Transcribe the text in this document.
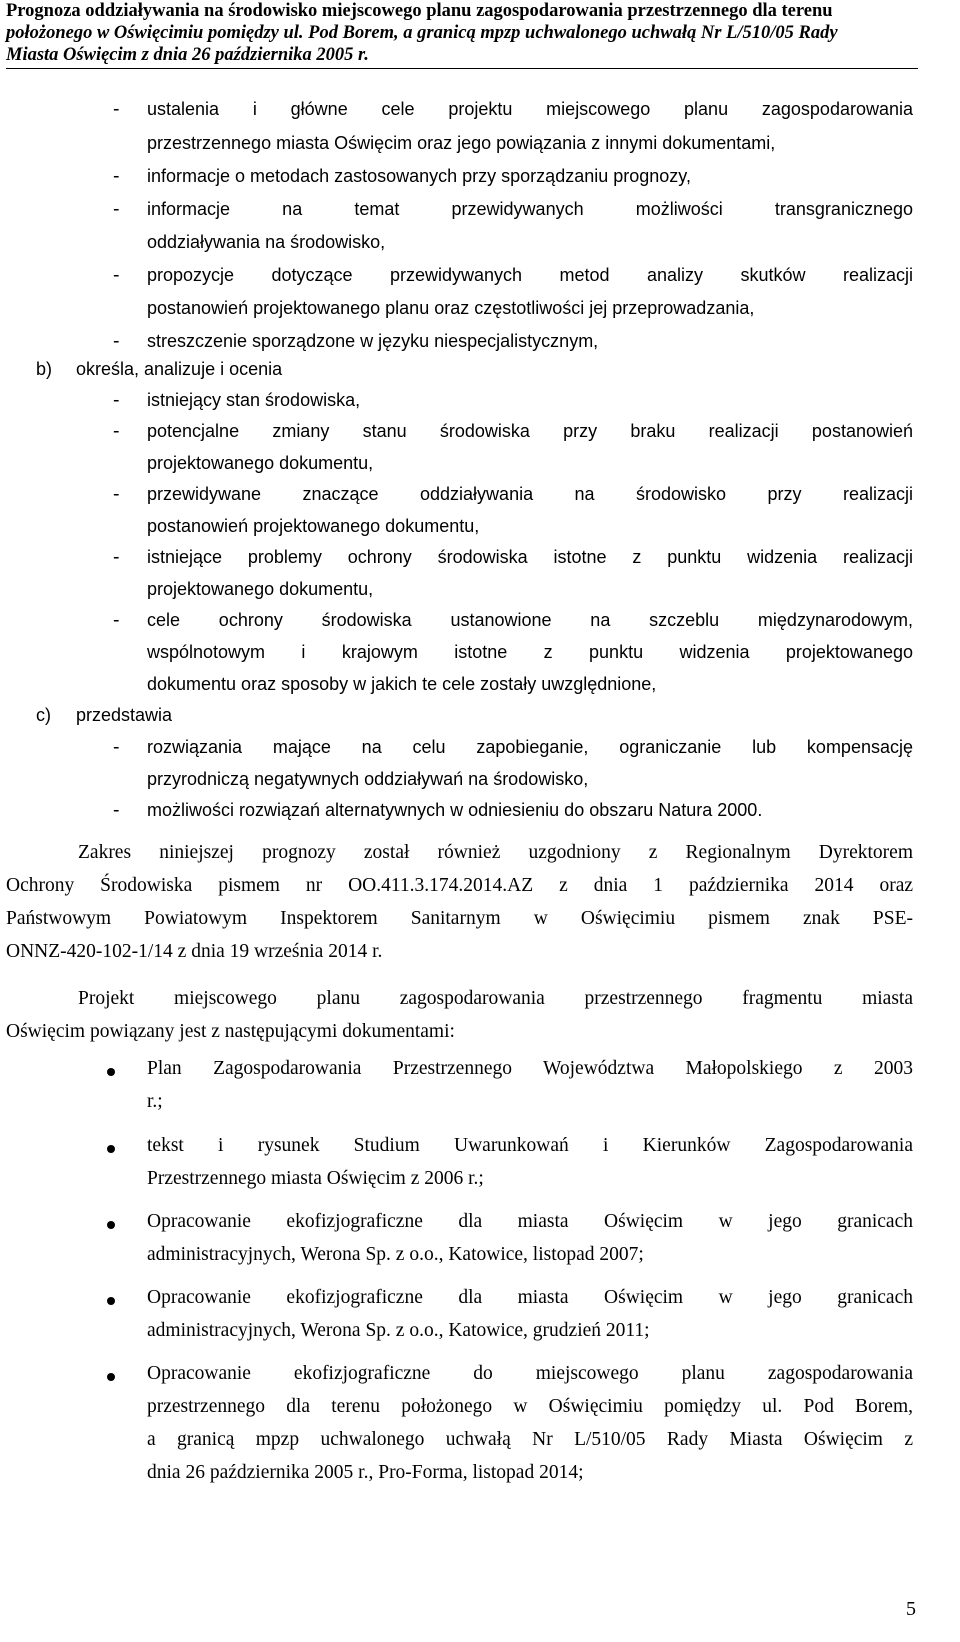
Prognoza oddziaływania na środowisko miejscowego planu zagospodarowania przestrzennego dla terenu
położonego w Oświęcimiu pomiędzy ul. Pod Borem, a granicą mpzp uchwalonego uchwałą Nr L/510/05 Rady
Miasta Oświęcim z dnia 26 października 2005 r.
- ustalenia i główne cele projektu miejscowego planu zagospodarowania
przestrzennego miasta Oświęcim oraz jego powiązania z innymi dokumentami,
- informacje o metodach zastosowanych przy sporządzaniu prognozy,
- informacje na temat przewidywanych możliwości transgranicznego
oddziaływania na środowisko,
- propozycje dotyczące przewidywanych metod analizy skutków realizacji
postanowień projektowanego planu oraz częstotliwości jej przeprowadzania,
- streszczenie sporządzone w języku niespecjalistycznym,
b) określa, analizuje i ocenia
- istniejący stan środowiska,
- potencjalne zmiany stanu środowiska przy braku realizacji postanowień
projektowanego dokumentu,
- przewidywane znaczące oddziaływania na środowisko przy realizacji
postanowień projektowanego dokumentu,
- istniejące problemy ochrony środowiska istotne z punktu widzenia realizacji
projektowanego dokumentu,
- cele ochrony środowiska ustanowione na szczeblu międzynarodowym,
wspólnotowym i krajowym istotne z punktu widzenia projektowanego
dokumentu oraz sposoby w jakich te cele zostały uwzględnione,
c) przedstawia
- rozwiązania mające na celu zapobieganie, ograniczanie lub kompensację
przyrodniczą negatywnych oddziaływań na środowisko,
- możliwości rozwiązań alternatywnych w odniesieniu do obszaru Natura 2000.
Zakres niniejszej prognozy został również uzgodniony z Regionalnym Dyrektorem
Ochrony Środowiska pismem nr OO.411.3.174.2014.AZ z dnia 1 października 2014 oraz
Państwowym Powiatowym Inspektorem Sanitarnym w Oświęcimiu pismem znak PSE-
ONNZ-420-102-1/14 z dnia 19 września 2014 r.
Projekt miejscowego planu zagospodarowania przestrzennego fragmentu miasta
Oświęcim powiązany jest z następującymi dokumentami:
Plan Zagospodarowania Przestrzennego Województwa Małopolskiego z 2003
r.;
tekst i rysunek Studium Uwarunkowań i Kierunków Zagospodarowania
Przestrzennego miasta Oświęcim z 2006 r.;
Opracowanie ekofizjograficzne dla miasta Oświęcim w jego granicach
administracyjnych, Werona Sp. z o.o., Katowice, listopad 2007;
Opracowanie ekofizjograficzne dla miasta Oświęcim w jego granicach
administracyjnych, Werona Sp. z o.o., Katowice, grudzień 2011;
Opracowanie ekofizjograficzne do miejscowego planu zagospodarowania
przestrzennego dla terenu położonego w Oświęcimiu pomiędzy ul. Pod Borem,
a granicą mpzp uchwalonego uchwałą Nr L/510/05 Rady Miasta Oświęcim z
dnia 26 października 2005 r., Pro-Forma, listopad 2014;
5
